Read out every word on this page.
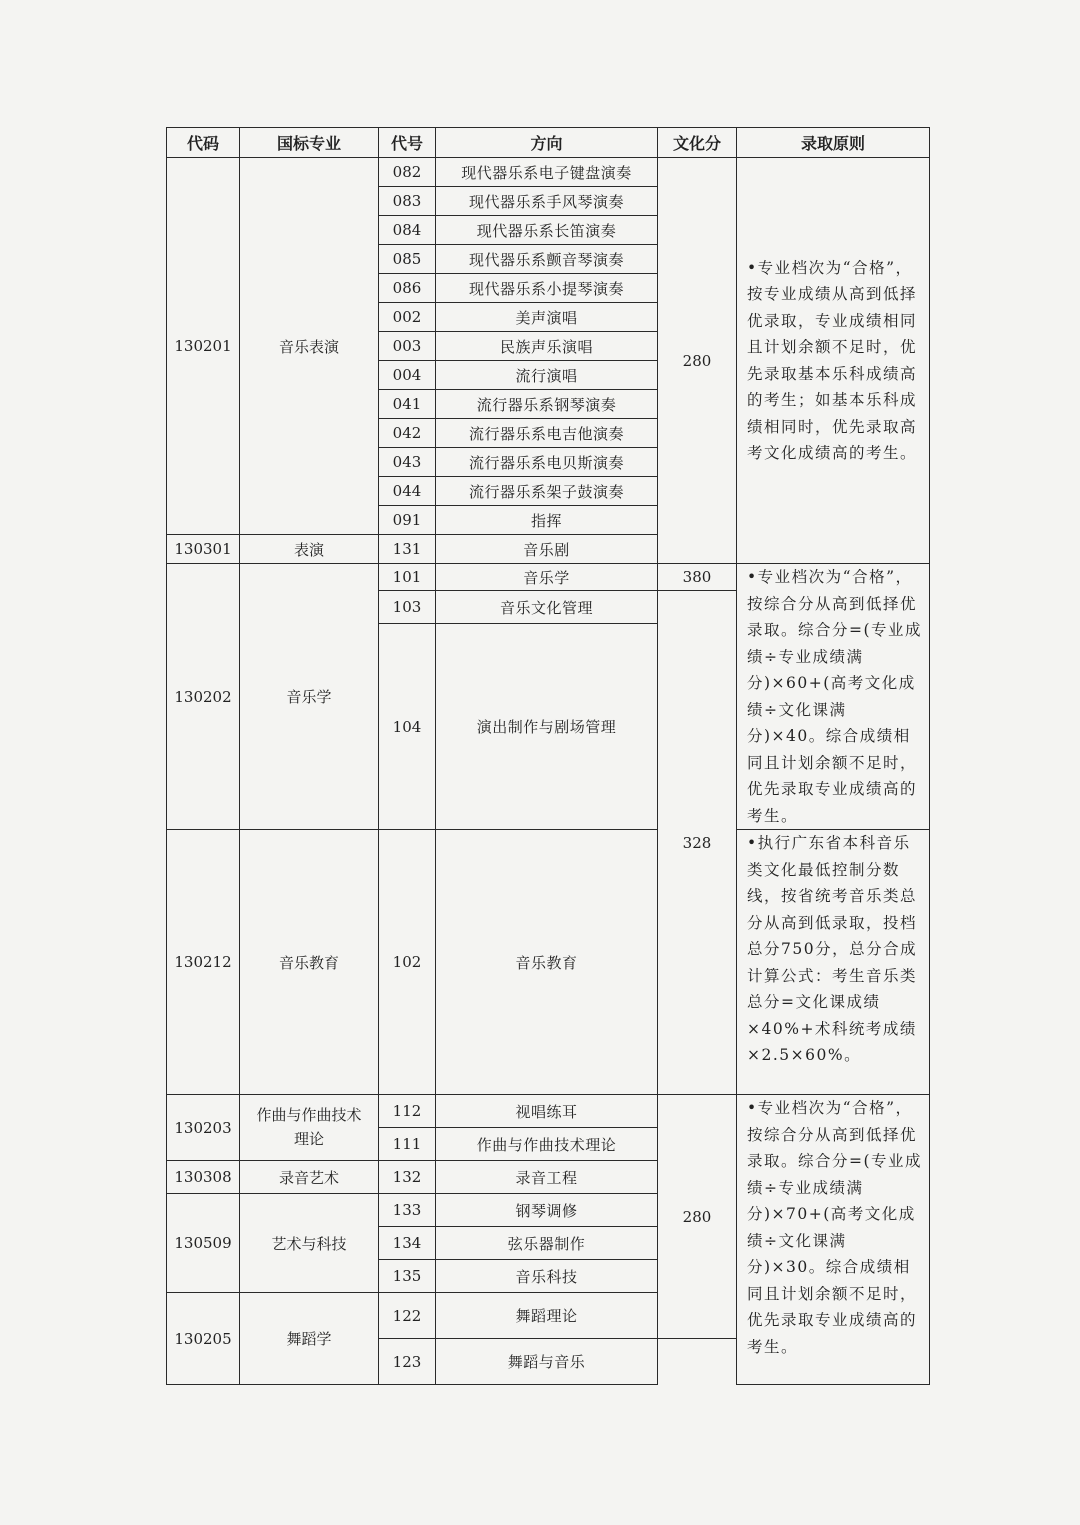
代码	国标专业	代号	方向	文化分	录取原则
130201	音乐表演	082	现代器乐系电子键盘演奏	280	•专业档次为“合格”，按专业成绩从高到低择优录取，专业成绩相同且计划余额不足时，优先录取基本乐科成绩高的考生；如基本乐科成绩相同时，优先录取高考文化成绩高的考生。
		083	现代器乐系手风琴演奏		
		084	现代器乐系长笛演奏		
		085	现代器乐系颤音琴演奏		
		086	现代器乐系小提琴演奏		
		002	美声演唱		
		003	民族声乐演唱		
		004	流行演唱		
		041	流行器乐系钢琴演奏		
		042	流行器乐系电吉他演奏		
		043	流行器乐系电贝斯演奏		
		044	流行器乐系架子鼓演奏		
		091	指挥		
130301	表演	131	音乐剧		
130202	音乐学	101	音乐学	380	•专业档次为“合格”，按综合分从高到低择优录取。综合分=(专业成绩÷专业成绩满分)×60+(高考文化成绩÷文化课满分)×40。综合成绩相同且计划余额不足时，优先录取专业成绩高的考生。
		103	音乐文化管理	328	
		104	演出制作与剧场管理		
130212	音乐教育	102	音乐教育		•执行广东省本科音乐类文化最低控制分数线，按省统考音乐类总分从高到低录取，投档总分750分，总分合成计算公式：考生音乐类总分=文化课成绩×40%+术科统考成绩×2.5×60%。
130203	作曲与作曲技术理论	112	视唱练耳	280	•专业档次为“合格”，按综合分从高到低择优录取。综合分=(专业成绩÷专业成绩满分)×70+(高考文化成绩÷文化课满分)×30。综合成绩相同且计划余额不足时，优先录取专业成绩高的考生。
		111	作曲与作曲技术理论		
130308	录音艺术	132	录音工程		
130509	艺术与科技	133	钢琴调修		
		134	弦乐器制作		
		135	音乐科技		
130205	舞蹈学	122	舞蹈理论		
		123	舞蹈与音乐		
